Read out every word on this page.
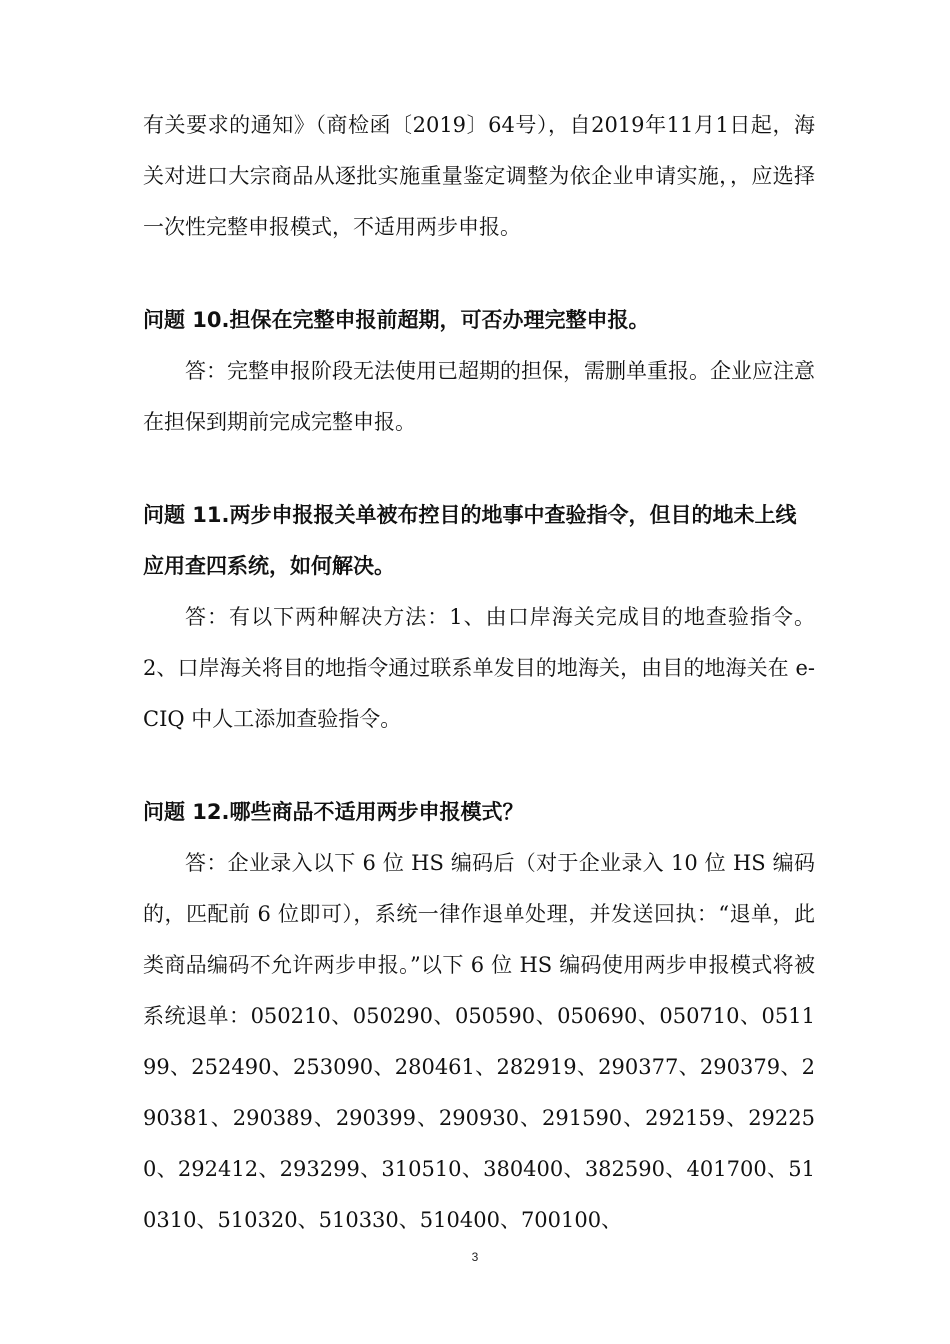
有关要求的通知》（商检函〔2019〕64号），自2019年11月1日起，海关对进口大宗商品从逐批实施重量鉴定调整为依企业申请实施，，应选择一次性完整申报模式，不适用两步申报。

问题 10.担保在完整申报前超期，可否办理完整申报。

答：完整申报阶段无法使用已超期的担保，需删单重报。企业应注意在担保到期前完成完整申报。

问题 11.两步申报报关单被布控目的地事中查验指令，但目的地未上线应用查四系统，如何解决。

答：有以下两种解决方法：1、由口岸海关完成目的地查验指令。2、口岸海关将目的地指令通过联系单发目的地海关，由目的地海关在 e-CIQ 中人工添加查验指令。

问题 12.哪些商品不适用两步申报模式？

答：企业录入以下 6 位 HS 编码后（对于企业录入 10 位 HS 编码的，匹配前 6 位即可），系统一律作退单处理，并发送回执：“退单，此类商品编码不允许两步申报。”以下 6 位 HS 编码使用两步申报模式将被系统退单：050210、050290、050590、050690、050710、051199、252490、253090、280461、282919、290377、290379、290381、290389、290399、290930、291590、292159、292250、292412、293299、310510、380400、382590、401700、510310、510320、510330、510400、700100、

3
